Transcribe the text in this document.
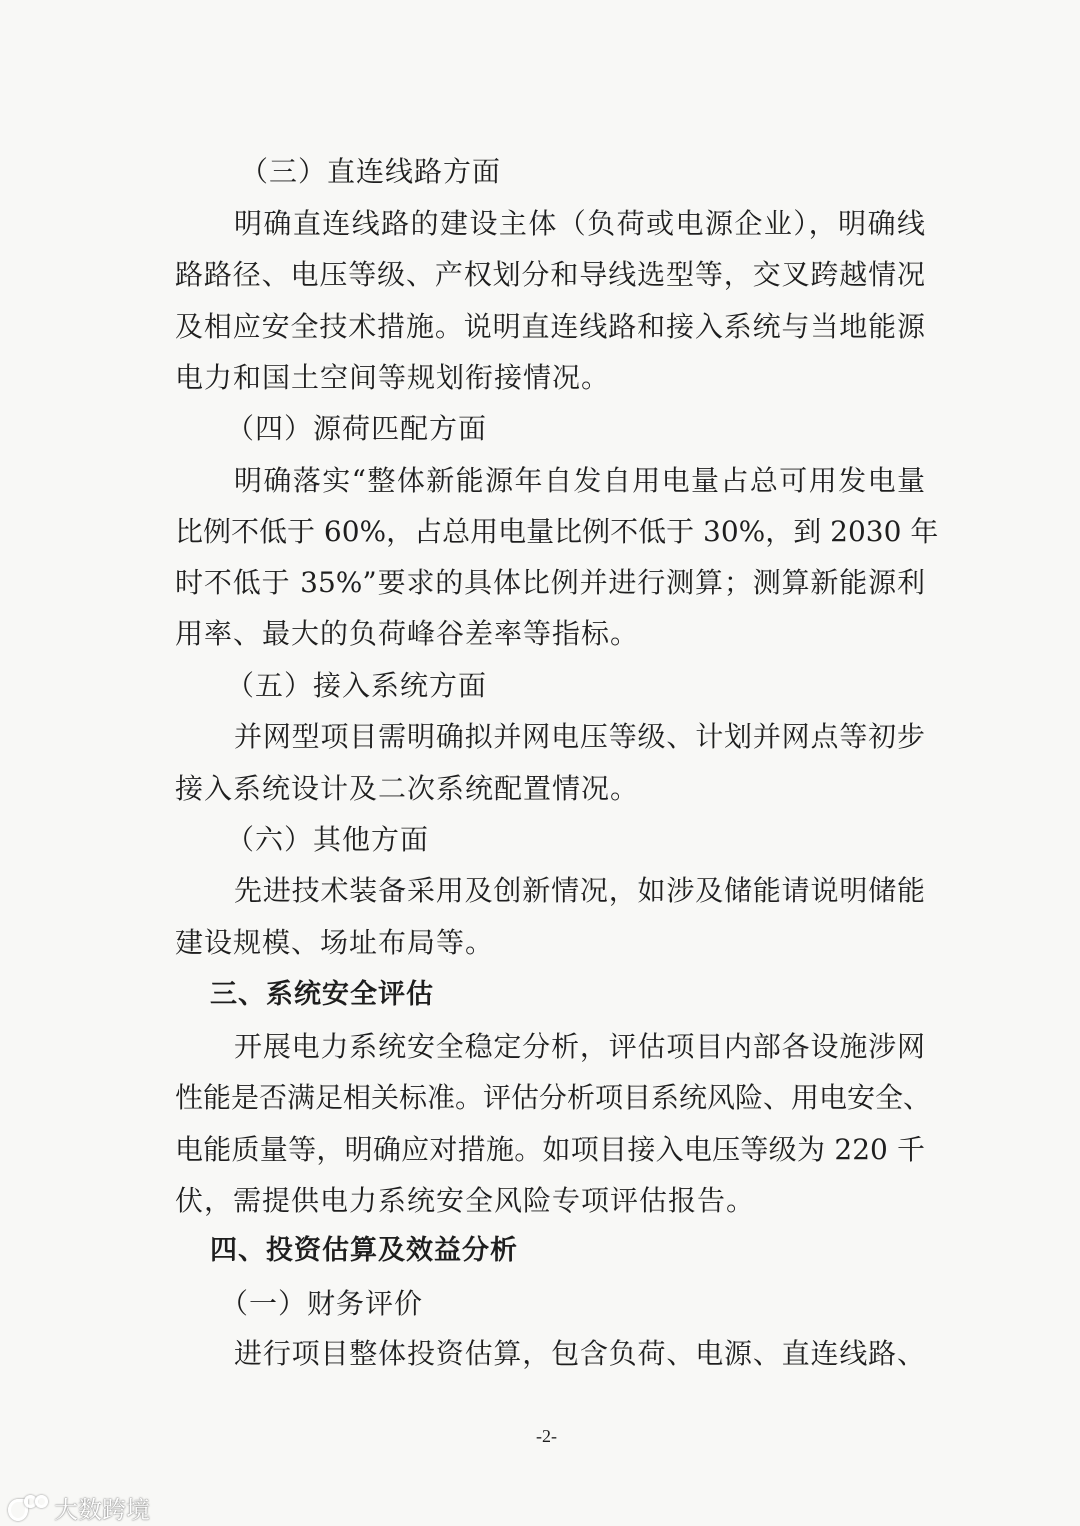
（三）直连线路方面
明确直连线路的建设主体（负荷或电源企业），明确线
路路径、电压等级、产权划分和导线选型等，交叉跨越情况
及相应安全技术措施。说明直连线路和接入系统与当地能源
电力和国土空间等规划衔接情况。
（四）源荷匹配方面
明确落实“整体新能源年自发自用电量占总可用发电量
比例不低于 60%，占总用电量比例不低于 30%，到 2030 年
时不低于 35%”要求的具体比例并进行测算；测算新能源利
用率、最大的负荷峰谷差率等指标。
（五）接入系统方面
并网型项目需明确拟并网电压等级、计划并网点等初步
接入系统设计及二次系统配置情况。
（六）其他方面
先进技术装备采用及创新情况，如涉及储能请说明储能
建设规模、场址布局等。
三、系统安全评估
开展电力系统安全稳定分析，评估项目内部各设施涉网
性能是否满足相关标准。评估分析项目系统风险、用电安全、
电能质量等，明确应对措施。如项目接入电压等级为 220 千
伏，需提供电力系统安全风险专项评估报告。
四、投资估算及效益分析
（一）财务评价
进行项目整体投资估算，包含负荷、电源、直连线路、
-2-
大数跨境
